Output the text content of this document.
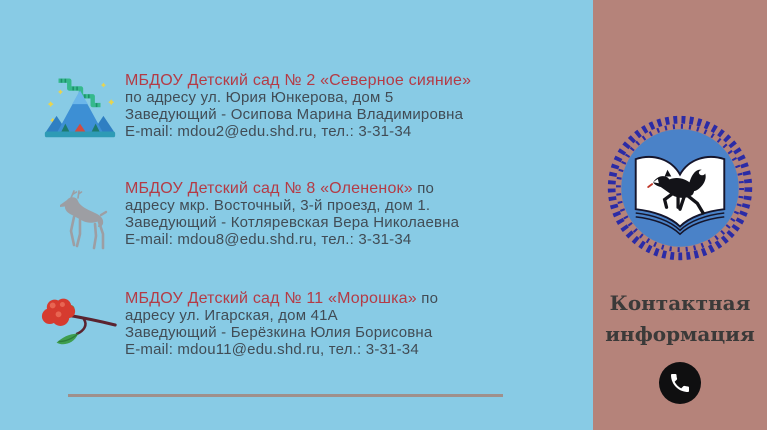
МБДОУ Детский сад № 2 «Северное сияние»
по адресу ул. Юрия Юнкерова, дом 5
Заведующий - Осипова Марина Владимировна
E-mail: mdou2@edu.shd.ru, тел.: 3-31-34
МБДОУ Детский сад № 8 «Олененок» по
адресу мкр. Восточный, 3-й проезд, дом 1.
Заведующий - Котляревская Вера Николаевна
E-mail: mdou8@edu.shd.ru, тел.: 3-31-34
МБДОУ Детский сад № 11 «Морошка» по
адресу ул. Игарская, дом 41А
Заведующий - Берёзкина Юлия Борисовна
E-mail: mdou11@edu.shd.ru, тел.: 3-31-34
Контактная
информация
